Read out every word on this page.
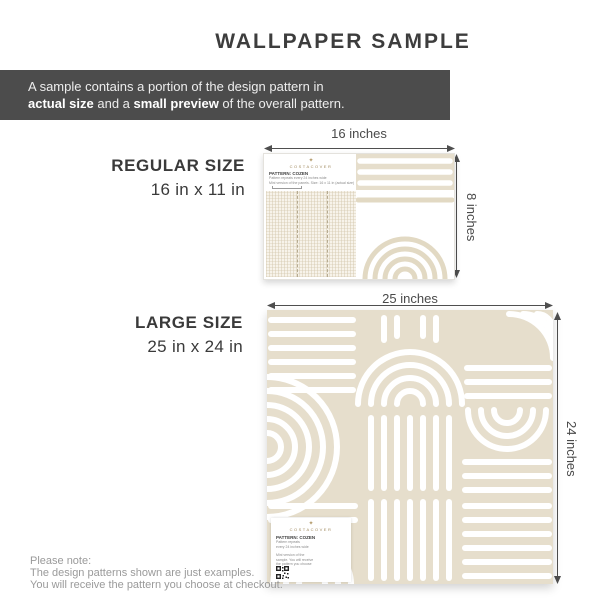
WALLPAPER SAMPLE
A sample contains a portion of the design pattern in
actual size and a small preview of the overall pattern.
REGULAR SIZE
16 in x 11 in
16 inches
8 inches
✦
COSTACOVER
PATTERN: COZEN
Pattern repeats every 24 inches wide
Mini version of the panels. Size: 16 x 11 in (actual size)
LARGE SIZE
25 in x 24 in
25 inches
24 inches
✦
COSTACOVER
PATTERN: COZEN
Pattern repeats
every 24 inches wide
Mini version of the
sample. You will receive
the pattern you choose
Please note:
The design patterns shown are just examples.
You will receive the pattern you choose at checkout.
